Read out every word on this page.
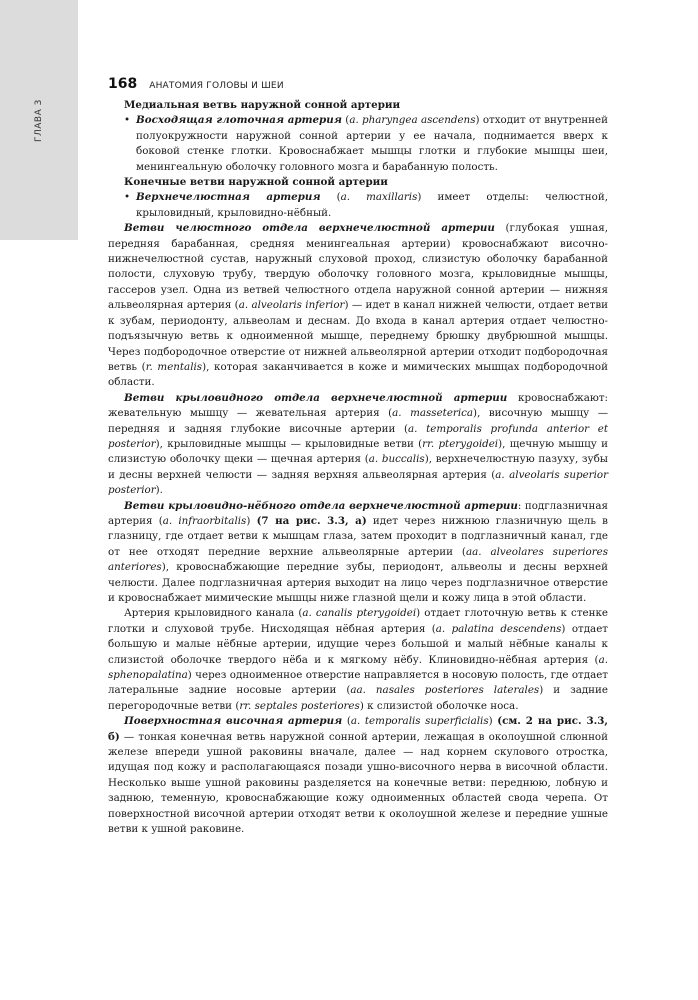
ГЛАВА 3
168 АНАТОМИЯ ГОЛОВЫ И ШЕИ

Медиальная ветвь наружной сонной артерии

• Восходящая глоточная артерия (a. pharyngea ascendens) отходит от внутренней полуокружности наружной сонной артерии у ее начала, поднимается вверх к боковой стенке глотки. Кровоснабжает мышцы глотки и глубокие мышцы шеи, менингеальную оболочку головного мозга и барабанную полость.

Конечные ветви наружной сонной артерии

• Верхнечелюстная артерия (a. maxillaris) имеет отделы: челюстной, крыловидный, крыловидно-нёбный.

Ветви челюстного отдела верхнечелюстной артерии (глубокая ушная, передняя барабанная, средняя менингеальная артерии) кровоснабжают височно-нижнечелюстной сустав, наружный слуховой проход, слизистую оболочку барабанной полости, слуховую трубу, твердую оболочку головного мозга, крыловидные мышцы, гассеров узел. Одна из ветвей челюстного отдела наружной сонной артерии — нижняя альвеолярная артерия (a. alveolaris inferior) — идет в канал нижней челюсти, отдает ветви к зубам, периодонту, альвеолам и деснам. До входа в канал артерия отдает челюстно-подъязычную ветвь к одноименной мышце, переднему брюшку двубрюшной мышцы. Через подбородочное отверстие от нижней альвеолярной артерии отходит подбородочная ветвь (r. mentalis), которая заканчивается в коже и мимических мышцах подбородочной области.

Ветви крыловидного отдела верхнечелюстной артерии кровоснабжают: жевательную мышцу — жевательная артерия (a. masseterica), височную мышцу — передняя и задняя глубокие височные артерии (a. temporalis profunda anterior et posterior), крыловидные мышцы — крыловидные ветви (rr. pterygoidei), щечную мышцу и слизистую оболочку щеки — щечная артерия (a. buccalis), верхнечелюстную пазуху, зубы и десны верхней челюсти — задняя верхняя альвеолярная артерия (a. alveolaris superior posterior).

Ветви крыловидно-нёбного отдела верхнечелюстной артерии: подглазничная артерия (a. infraorbitalis) (7 на рис. 3.3, а) идет через нижнюю глазничную щель в глазницу, где отдает ветви к мышцам глаза, затем проходит в подглазничный канал, где от нее отходят передние верхние альвеолярные артерии (aa. alveolares superiores anteriores), кровоснабжающие передние зубы, периодонт, альвеолы и десны верхней челюсти. Далее подглазничная артерия выходит на лицо через подглазничное отверстие и кровоснабжает мимические мышцы ниже глазной щели и кожу лица в этой области.

Артерия крыловидного канала (a. canalis pterygoidei) отдает глоточную ветвь к стенке глотки и слуховой трубе. Нисходящая нёбная артерия (a. palatina descendens) отдает большую и малые нёбные артерии, идущие через большой и малый нёбные каналы к слизистой оболочке твердого нёба и к мягкому нёбу. Клиновидно-нёбная артерия (a. sphenopalatina) через одноименное отверстие направляется в носовую полость, где отдает латеральные задние носовые артерии (aa. nasales posteriores laterales) и задние перегородочные ветви (rr. septales posteriores) к слизистой оболочке носа.

Поверхностная височная артерия (a. temporalis superficialis) (см. 2 на рис. 3.3, б) — тонкая конечная ветвь наружной сонной артерии, лежащая в околоушной слюнной железе впереди ушной раковины вначале, далее — над корнем скулового отростка, идущая под кожу и располагающаяся позади ушно-височного нерва в височной области. Несколько выше ушной раковины разделяется на конечные ветви: переднюю, лобную и заднюю, теменную, кровоснабжающие кожу одноименных областей свода черепа. От поверхностной височной артерии отходят ветви к околоушной железе и передние ушные ветви к ушной раковине.
